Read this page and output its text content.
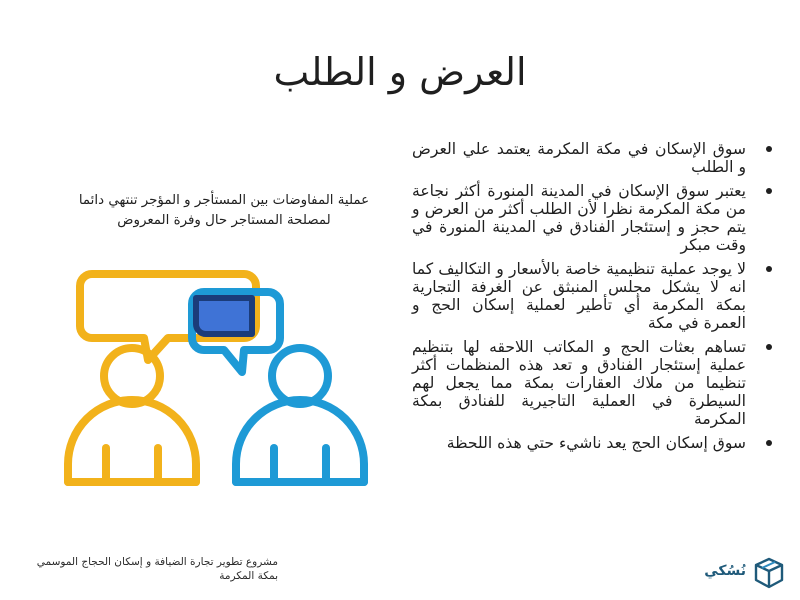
العرض و الطلب
سوق الإسكان في مكة المكرمة يعتمد علي العرض و الطلب
يعتبر سوق الإسكان في المدينة المنورة أكثر نجاعة من مكة المكرمة نظرا لأن الطلب أكثر من العرض و يتم حجز و إستئجار الفنادق في المدينة المنورة في وقت مبكر
لا يوجد عملية تنظيمية خاصة بالأسعار و التكاليف كما انه لا يشكل مجلس المنبثق عن الغرفة التجارية بمكة المكرمة أي تأطير لعملية إسكان الحج و العمرة في مكة
تساهم بعثات الحج و المكاتب اللاحقه لها بتنظيم عملية إستئجار الفنادق و تعد هذه المنظمات أكثر تنظيما من ملاك العقارات بمكة مما يجعل لهم السيطرة في العملية التاجيرية للفنادق بمكة المكرمة
سوق إسكان الحج يعد ناشيء حتي هذه اللحظة
عملية المفاوضات بين المستأجر و المؤجر تنتهي دائما لمصلحة المستاجر حال وفرة المعروض
مشروع تطوير تجارة الضيافة و إسكان الحجاج الموسمي
بمكة المكرمة	نُسُكي
